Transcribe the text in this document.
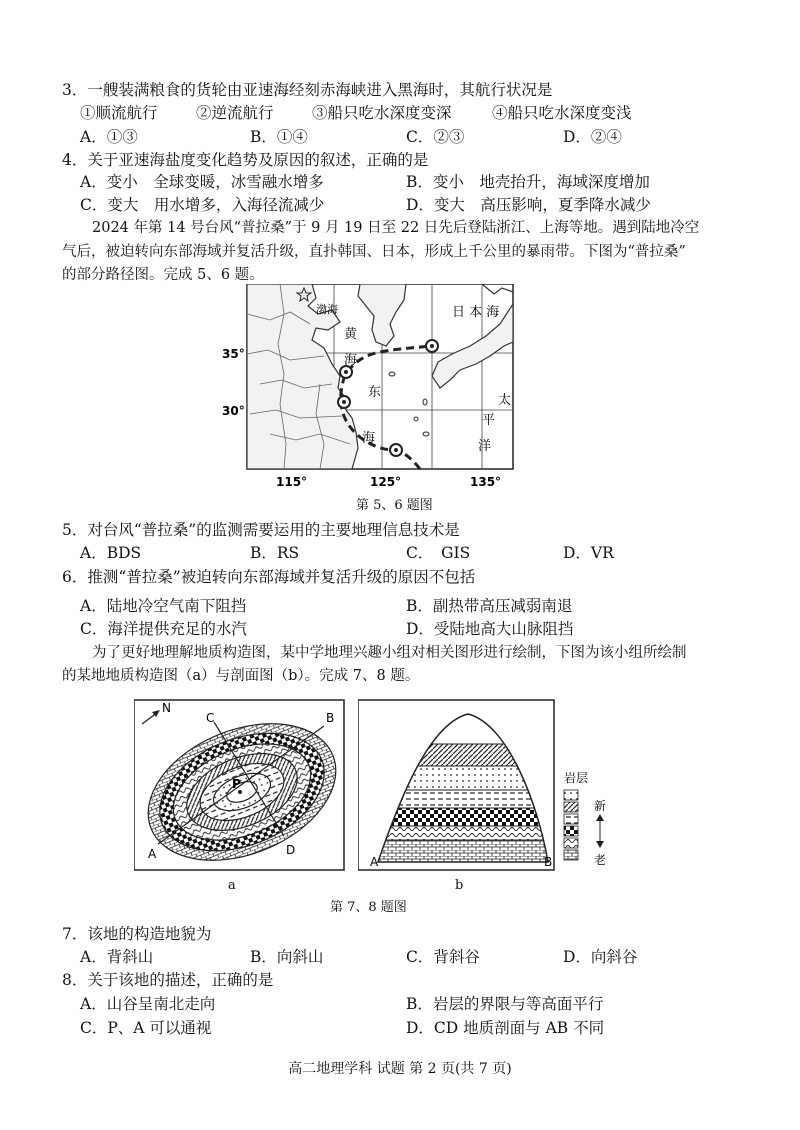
3．一艘装满粮食的货轮由亚速海经刻赤海峡进入黑海时，其航行状况是
①顺流航行 ②逆流航行 ③船只吃水深度变深	④船只吃水深度变浅
A．①③	B．①④	C．②③	D．②④
4．关于亚速海盐度变化趋势及原因的叙述，正确的是
A．变小　全球变暖，冰雪融水增多	B．变小　地壳抬升，海域深度增加
C．变大　用水增多，入海径流减少	D．变大　高压影响，夏季降水减少
2024 年第 14 号台风“普拉桑”于 9 月 19 日至 22 日先后登陆浙江、上海等地。遇到陆地冷空
气后，被迫转向东部海域并复活升级，直扑韩国、日本，形成上千公里的暴雨带。下图为“普拉桑”
的部分路径图。完成 5、6 题。
渤海
黄
海
东
海
日 本 海
太
平
洋
35°
30°
115°	125°	135°
第 5、6 题图
5．对台风“普拉桑”的监测需要运用的主要地理信息技术是
A．BDS	B．RS	C．　GIS	D．VR
6．推测“普拉桑”被迫转向东部海域并复活升级的原因不包括
A．陆地冷空气南下阻挡	B．副热带高压减弱南退
C．海洋提供充足的水汽	D．受陆地高大山脉阻挡
为了更好地理解地质构造图，某中学地理兴趣小组对相关图形进行绘制，下图为该小组所绘制
的某地地质构造图（a）与剖面图（b）。完成 7、8 题。
N
C	B
P
A	D
a
A	B
岩层
新
老
b
第 7、8 题图
7．该地的构造地貌为
A．背斜山	B．向斜山	C．背斜谷	D．向斜谷
8．关于该地的描述，正确的是
A．山谷呈南北走向	B．岩层的界限与等高面平行
C．P、A 可以通视	D．CD 地质剖面与 AB 不同
高二地理学科 试题 第 2 页(共 7 页)
